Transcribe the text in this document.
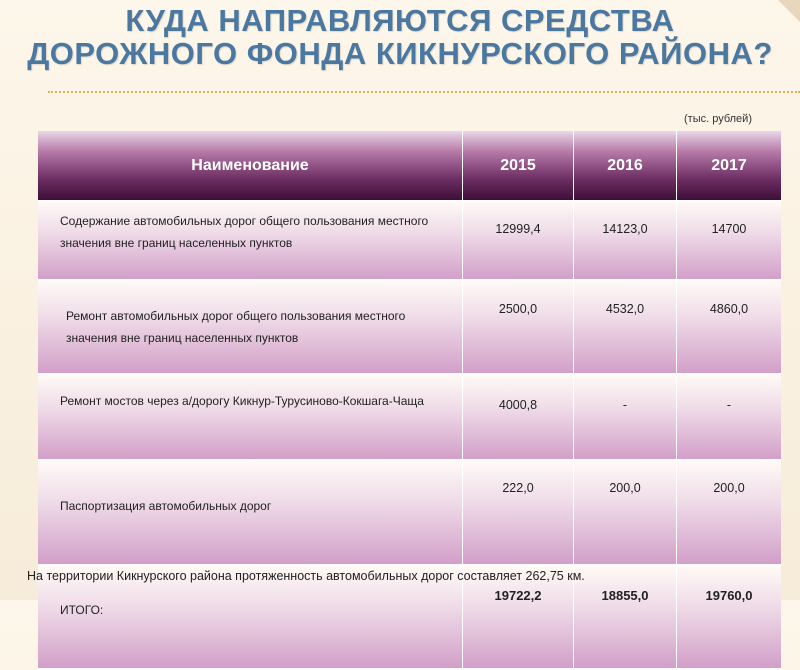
КУДА НАПРАВЛЯЮТСЯ СРЕДСТВА
ДОРОЖНОГО ФОНДА КИКНУРСКОГО РАЙОНА?
(тыс. рублей)
Наименование	2015	2016	2017
Содержание автомобильных дорог общего пользования местного значения вне границ населенных пунктов	12999,4	14123,0	14700

Ремонт автомобильных дорог общего пользования местного значения вне границ населенных пунктов	2500,0	4532,0	4860,0

Ремонт мостов через а/дорогу Кикнур-Турусиново-Кокшага-Чаща	4000,8	-	-

Паспортизация автомобильных дорог	222,0	200,0	200,0

ИТОГО:	19722,2	18855,0	19760,0
На территории Кикнурского района протяженность автомобильных дорог составляет 262,75 км.
